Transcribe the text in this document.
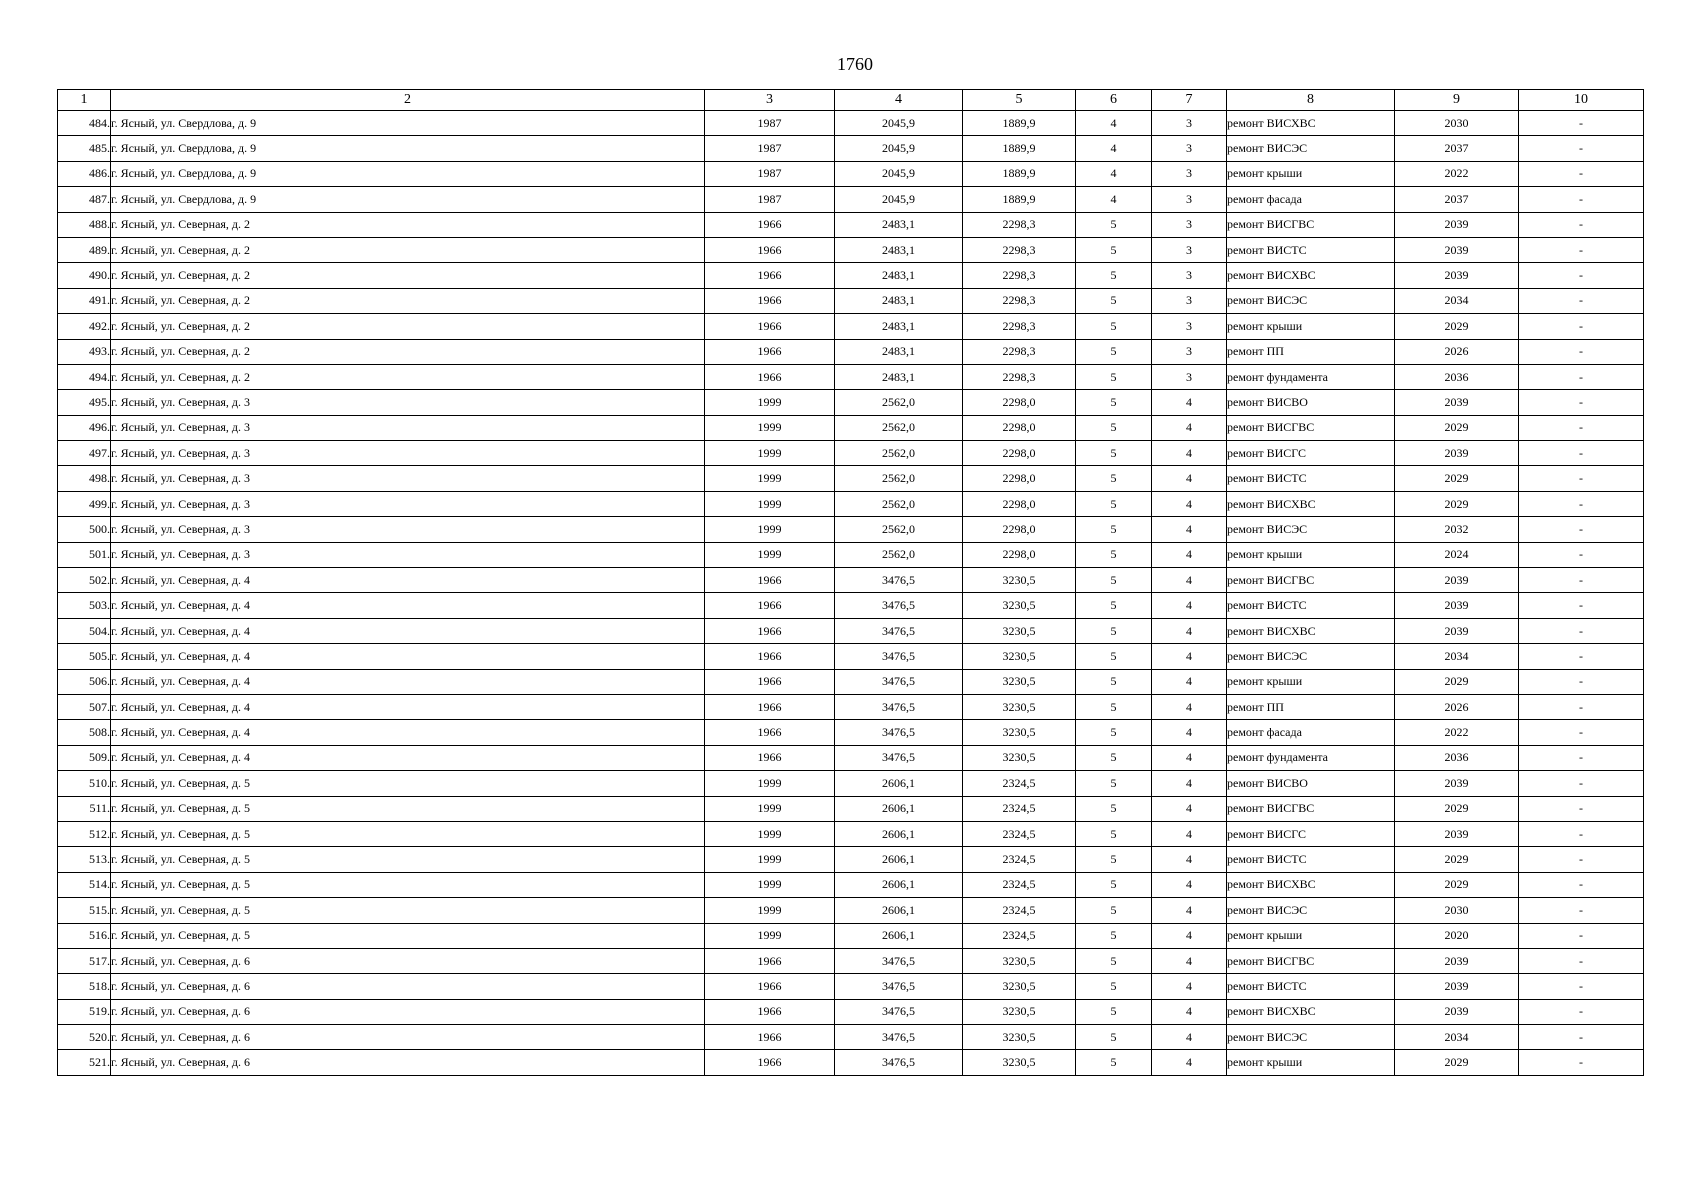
1760
1	2	3	4	5	6	7	8	9	10
484.	г. Ясный, ул. Свердлова, д. 9	1987	2045,9	1889,9	4	3	ремонт ВИСХВС	2030	-
485.	г. Ясный, ул. Свердлова, д. 9	1987	2045,9	1889,9	4	3	ремонт ВИСЭС	2037	-
486.	г. Ясный, ул. Свердлова, д. 9	1987	2045,9	1889,9	4	3	ремонт крыши	2022	-
487.	г. Ясный, ул. Свердлова, д. 9	1987	2045,9	1889,9	4	3	ремонт фасада	2037	-
488.	г. Ясный, ул. Северная, д. 2	1966	2483,1	2298,3	5	3	ремонт ВИСГВС	2039	-
489.	г. Ясный, ул. Северная, д. 2	1966	2483,1	2298,3	5	3	ремонт ВИСТС	2039	-
490.	г. Ясный, ул. Северная, д. 2	1966	2483,1	2298,3	5	3	ремонт ВИСХВС	2039	-
491.	г. Ясный, ул. Северная, д. 2	1966	2483,1	2298,3	5	3	ремонт ВИСЭС	2034	-
492.	г. Ясный, ул. Северная, д. 2	1966	2483,1	2298,3	5	3	ремонт крыши	2029	-
493.	г. Ясный, ул. Северная, д. 2	1966	2483,1	2298,3	5	3	ремонт ПП	2026	-
494.	г. Ясный, ул. Северная, д. 2	1966	2483,1	2298,3	5	3	ремонт фундамента	2036	-
495.	г. Ясный, ул. Северная, д. 3	1999	2562,0	2298,0	5	4	ремонт ВИСВО	2039	-
496.	г. Ясный, ул. Северная, д. 3	1999	2562,0	2298,0	5	4	ремонт ВИСГВС	2029	-
497.	г. Ясный, ул. Северная, д. 3	1999	2562,0	2298,0	5	4	ремонт ВИСГС	2039	-
498.	г. Ясный, ул. Северная, д. 3	1999	2562,0	2298,0	5	4	ремонт ВИСТС	2029	-
499.	г. Ясный, ул. Северная, д. 3	1999	2562,0	2298,0	5	4	ремонт ВИСХВС	2029	-
500.	г. Ясный, ул. Северная, д. 3	1999	2562,0	2298,0	5	4	ремонт ВИСЭС	2032	-
501.	г. Ясный, ул. Северная, д. 3	1999	2562,0	2298,0	5	4	ремонт крыши	2024	-
502.	г. Ясный, ул. Северная, д. 4	1966	3476,5	3230,5	5	4	ремонт ВИСГВС	2039	-
503.	г. Ясный, ул. Северная, д. 4	1966	3476,5	3230,5	5	4	ремонт ВИСТС	2039	-
504.	г. Ясный, ул. Северная, д. 4	1966	3476,5	3230,5	5	4	ремонт ВИСХВС	2039	-
505.	г. Ясный, ул. Северная, д. 4	1966	3476,5	3230,5	5	4	ремонт ВИСЭС	2034	-
506.	г. Ясный, ул. Северная, д. 4	1966	3476,5	3230,5	5	4	ремонт крыши	2029	-
507.	г. Ясный, ул. Северная, д. 4	1966	3476,5	3230,5	5	4	ремонт ПП	2026	-
508.	г. Ясный, ул. Северная, д. 4	1966	3476,5	3230,5	5	4	ремонт фасада	2022	-
509.	г. Ясный, ул. Северная, д. 4	1966	3476,5	3230,5	5	4	ремонт фундамента	2036	-
510.	г. Ясный, ул. Северная, д. 5	1999	2606,1	2324,5	5	4	ремонт ВИСВО	2039	-
511.	г. Ясный, ул. Северная, д. 5	1999	2606,1	2324,5	5	4	ремонт ВИСГВС	2029	-
512.	г. Ясный, ул. Северная, д. 5	1999	2606,1	2324,5	5	4	ремонт ВИСГС	2039	-
513.	г. Ясный, ул. Северная, д. 5	1999	2606,1	2324,5	5	4	ремонт ВИСТС	2029	-
514.	г. Ясный, ул. Северная, д. 5	1999	2606,1	2324,5	5	4	ремонт ВИСХВС	2029	-
515.	г. Ясный, ул. Северная, д. 5	1999	2606,1	2324,5	5	4	ремонт ВИСЭС	2030	-
516.	г. Ясный, ул. Северная, д. 5	1999	2606,1	2324,5	5	4	ремонт крыши	2020	-
517.	г. Ясный, ул. Северная, д. 6	1966	3476,5	3230,5	5	4	ремонт ВИСГВС	2039	-
518.	г. Ясный, ул. Северная, д. 6	1966	3476,5	3230,5	5	4	ремонт ВИСТС	2039	-
519.	г. Ясный, ул. Северная, д. 6	1966	3476,5	3230,5	5	4	ремонт ВИСХВС	2039	-
520.	г. Ясный, ул. Северная, д. 6	1966	3476,5	3230,5	5	4	ремонт ВИСЭС	2034	-
521.	г. Ясный, ул. Северная, д. 6	1966	3476,5	3230,5	5	4	ремонт крыши	2029	-
